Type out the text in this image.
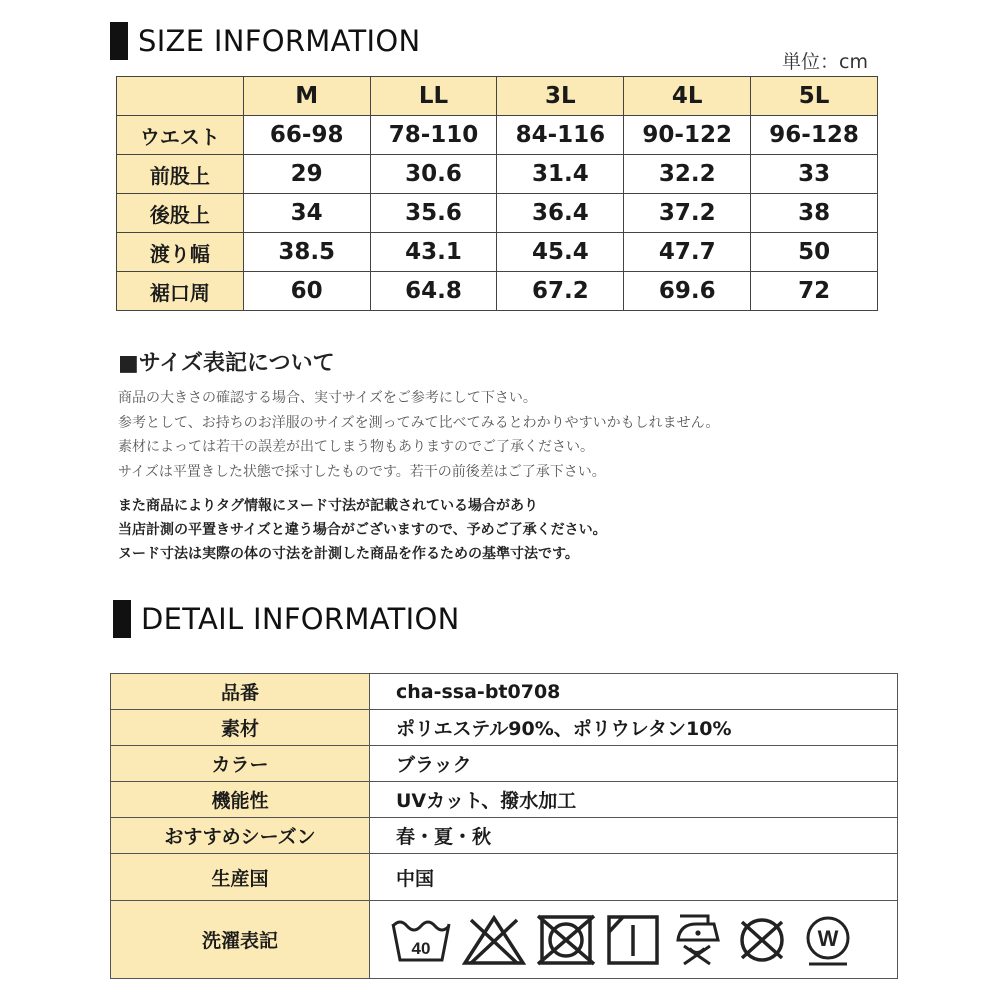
SIZE INFORMATION
単位：cm
	M	LL	3L	4L	5L
ウエスト	66-98	78-110	84-116	90-122	96-128
前股上	29	30.6	31.4	32.2	33
後股上	34	35.6	36.4	37.2	38
渡り幅	38.5	43.1	45.4	47.7	50
裾口周	60	64.8	67.2	69.6	72
■サイズ表記について
商品の大きさの確認する場合、実寸サイズをご参考にして下さい。
参考として、お持ちのお洋服のサイズを測ってみて比べてみるとわかりやすいかもしれません。
素材によっては若干の誤差が出てしまう物もありますのでご了承ください。
サイズは平置きした状態で採寸したものです。若干の前後差はご了承下さい。
また商品によりタグ情報にヌード寸法が記載されている場合があり
当店計測の平置きサイズと違う場合がございますので、予めご了承ください。
ヌード寸法は実際の体の寸法を計測した商品を作るための基準寸法です。
DETAIL INFORMATION
品番	cha-ssa-bt0708
素材	ポリエステル90%、ポリウレタン10%
カラー	ブラック
機能性	UVカット、撥水加工
おすすめシーズン	春・夏・秋
生産国	中国
洗濯表記	40 W
